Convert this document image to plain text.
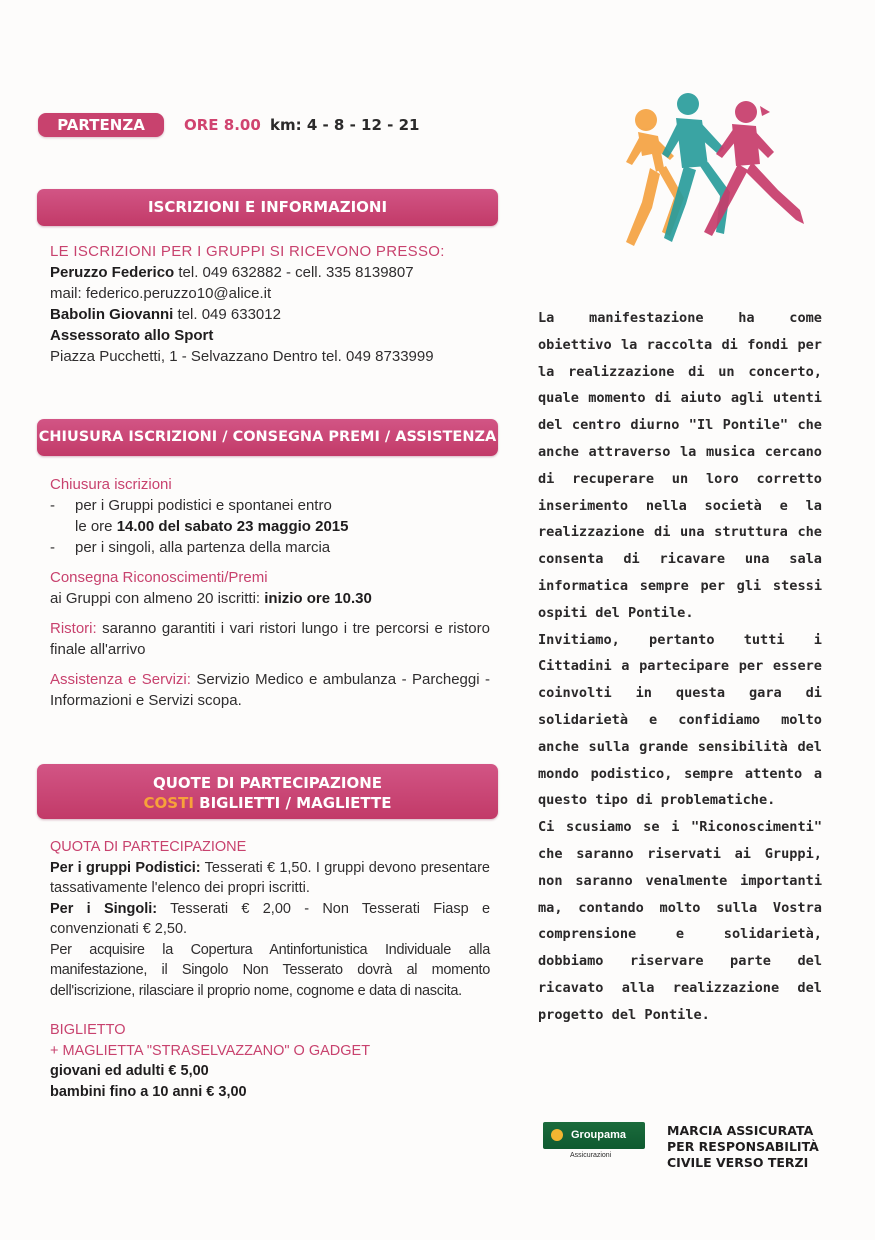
PARTENZA	ORE 8.00 km: 4 - 8 - 12 - 21
ISCRIZIONI E INFORMAZIONI
LE ISCRIZIONI PER I GRUPPI SI RICEVONO PRESSO:
Peruzzo Federico tel. 049 632882 - cell. 335 8139807
mail: federico.peruzzo10@alice.it
Babolin Giovanni tel. 049 633012
Assessorato allo Sport
Piazza Pucchetti, 1 - Selvazzano Dentro tel. 049 8733999
CHIUSURA ISCRIZIONI / CONSEGNA PREMI / ASSISTENZA
Chiusura iscrizioni
- per i Gruppi podistici e spontanei entro
le ore 14.00 del sabato 23 maggio 2015
- per i singoli, alla partenza della marcia
Consegna Riconoscimenti/Premi
ai Gruppi con almeno 20 iscritti: inizio ore 10.30
Ristori: saranno garantiti i vari ristori lungo i tre percorsi e ristoro finale all'arrivo
Assistenza e Servizi: Servizio Medico e ambulanza - Parcheggi - Informazioni e Servizi scopa.
QUOTE DI PARTECIPAZIONE
COSTI BIGLIETTI / MAGLIETTE
QUOTA DI PARTECIPAZIONE
Per i gruppi Podistici: Tesserati € 1,50. I gruppi devono presentare tassativamente l'elenco dei propri iscritti.
Per i Singoli: Tesserati € 2,00 - Non Tesserati Fiasp e convenzionati € 2,50.
Per acquisire la Copertura Antinfortunistica Individuale alla manifestazione, il Singolo Non Tesserato dovrà al momento dell'iscrizione, rilasciare il proprio nome, cognome e data di nascita.
BIGLIETTO
+ MAGLIETTA "STRASELVAZZANO" O GADGET
giovani ed adulti € 5,00
bambini fino a 10 anni € 3,00

La manifestazione ha come obiettivo la raccolta di fondi per la realizzazione di un concerto, quale momento di aiuto agli utenti del centro diurno "Il Pontile" che anche attraverso la musica cercano di recuperare un loro corretto inserimento nella società e la realizzazione di una struttura che consenta di ricavare una sala informatica sempre per gli stessi ospiti del Pontile.

Invitiamo, pertanto tutti i Cittadini a partecipare per essere coinvolti in questa gara di solidarietà e confidiamo molto anche sulla grande sensibilità del mondo podistico, sempre attento a questo tipo di problematiche.

Ci scusiamo se i "Riconoscimenti" che saranno riservati ai Gruppi, non saranno venalmente importanti ma, contando molto sulla Vostra comprensione e solidarietà, dobbiamo riservare parte del ricavato alla realizzazione del progetto del Pontile.

Groupama
Assicurazioni
MARCIA ASSICURATA
PER RESPONSABILITÀ
CIVILE VERSO TERZI
